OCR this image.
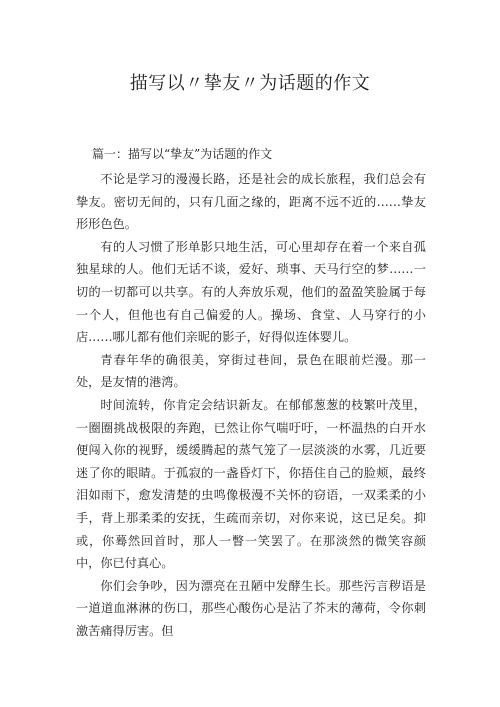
描写以〃挚友〃为话题的作文
篇一：描写以“挚友”为话题的作文

不论是学习的漫漫长路，还是社会的成长旅程，我们总会有挚友。密切无间的，只有几面之缘的，距离不远不近的……挚友形形色色。

有的人习惯了形单影只地生活，可心里却存在着一个来自孤独星球的人。他们无话不谈，爱好、琐事、天马行空的梦……一切的一切都可以共享。有的人奔放乐观，他们的盈盈笑脸属于每一个人，但他也有自己偏爱的人。操场、食堂、人马穿行的小店……哪儿都有他们亲昵的影子，好得似连体婴儿。

青春年华的确很美，穿街过巷间，景色在眼前烂漫。那一处，是友情的港湾。

时间流转，你肯定会结识新友。在郁郁葱葱的枝繁叶茂里，一圈圈挑战极限的奔跑，已然让你气喘吁吁，一杯温热的白开水便闯入你的视野，缓缓腾起的蒸气笼了一层淡淡的水雾，几近要迷了你的眼睛。于孤寂的一盏昏灯下，你捂住自己的脸颊，最终泪如雨下，愈发清楚的虫鸣像极漫不关怀的窃语，一双柔柔的小手，背上那柔柔的安抚，生疏而亲切，对你来说，这已足矣。抑或，你蓦然回首时，那人一瞥一笑罢了。在那淡然的微笑容颜中，你已付真心。

你们会争吵，因为漂亮在丑陋中发酵生长。那些污言秽语是一道道血淋淋的伤口，那些心酸伤心是沾了芥末的薄荷，令你刺激苦痛得厉害。但
